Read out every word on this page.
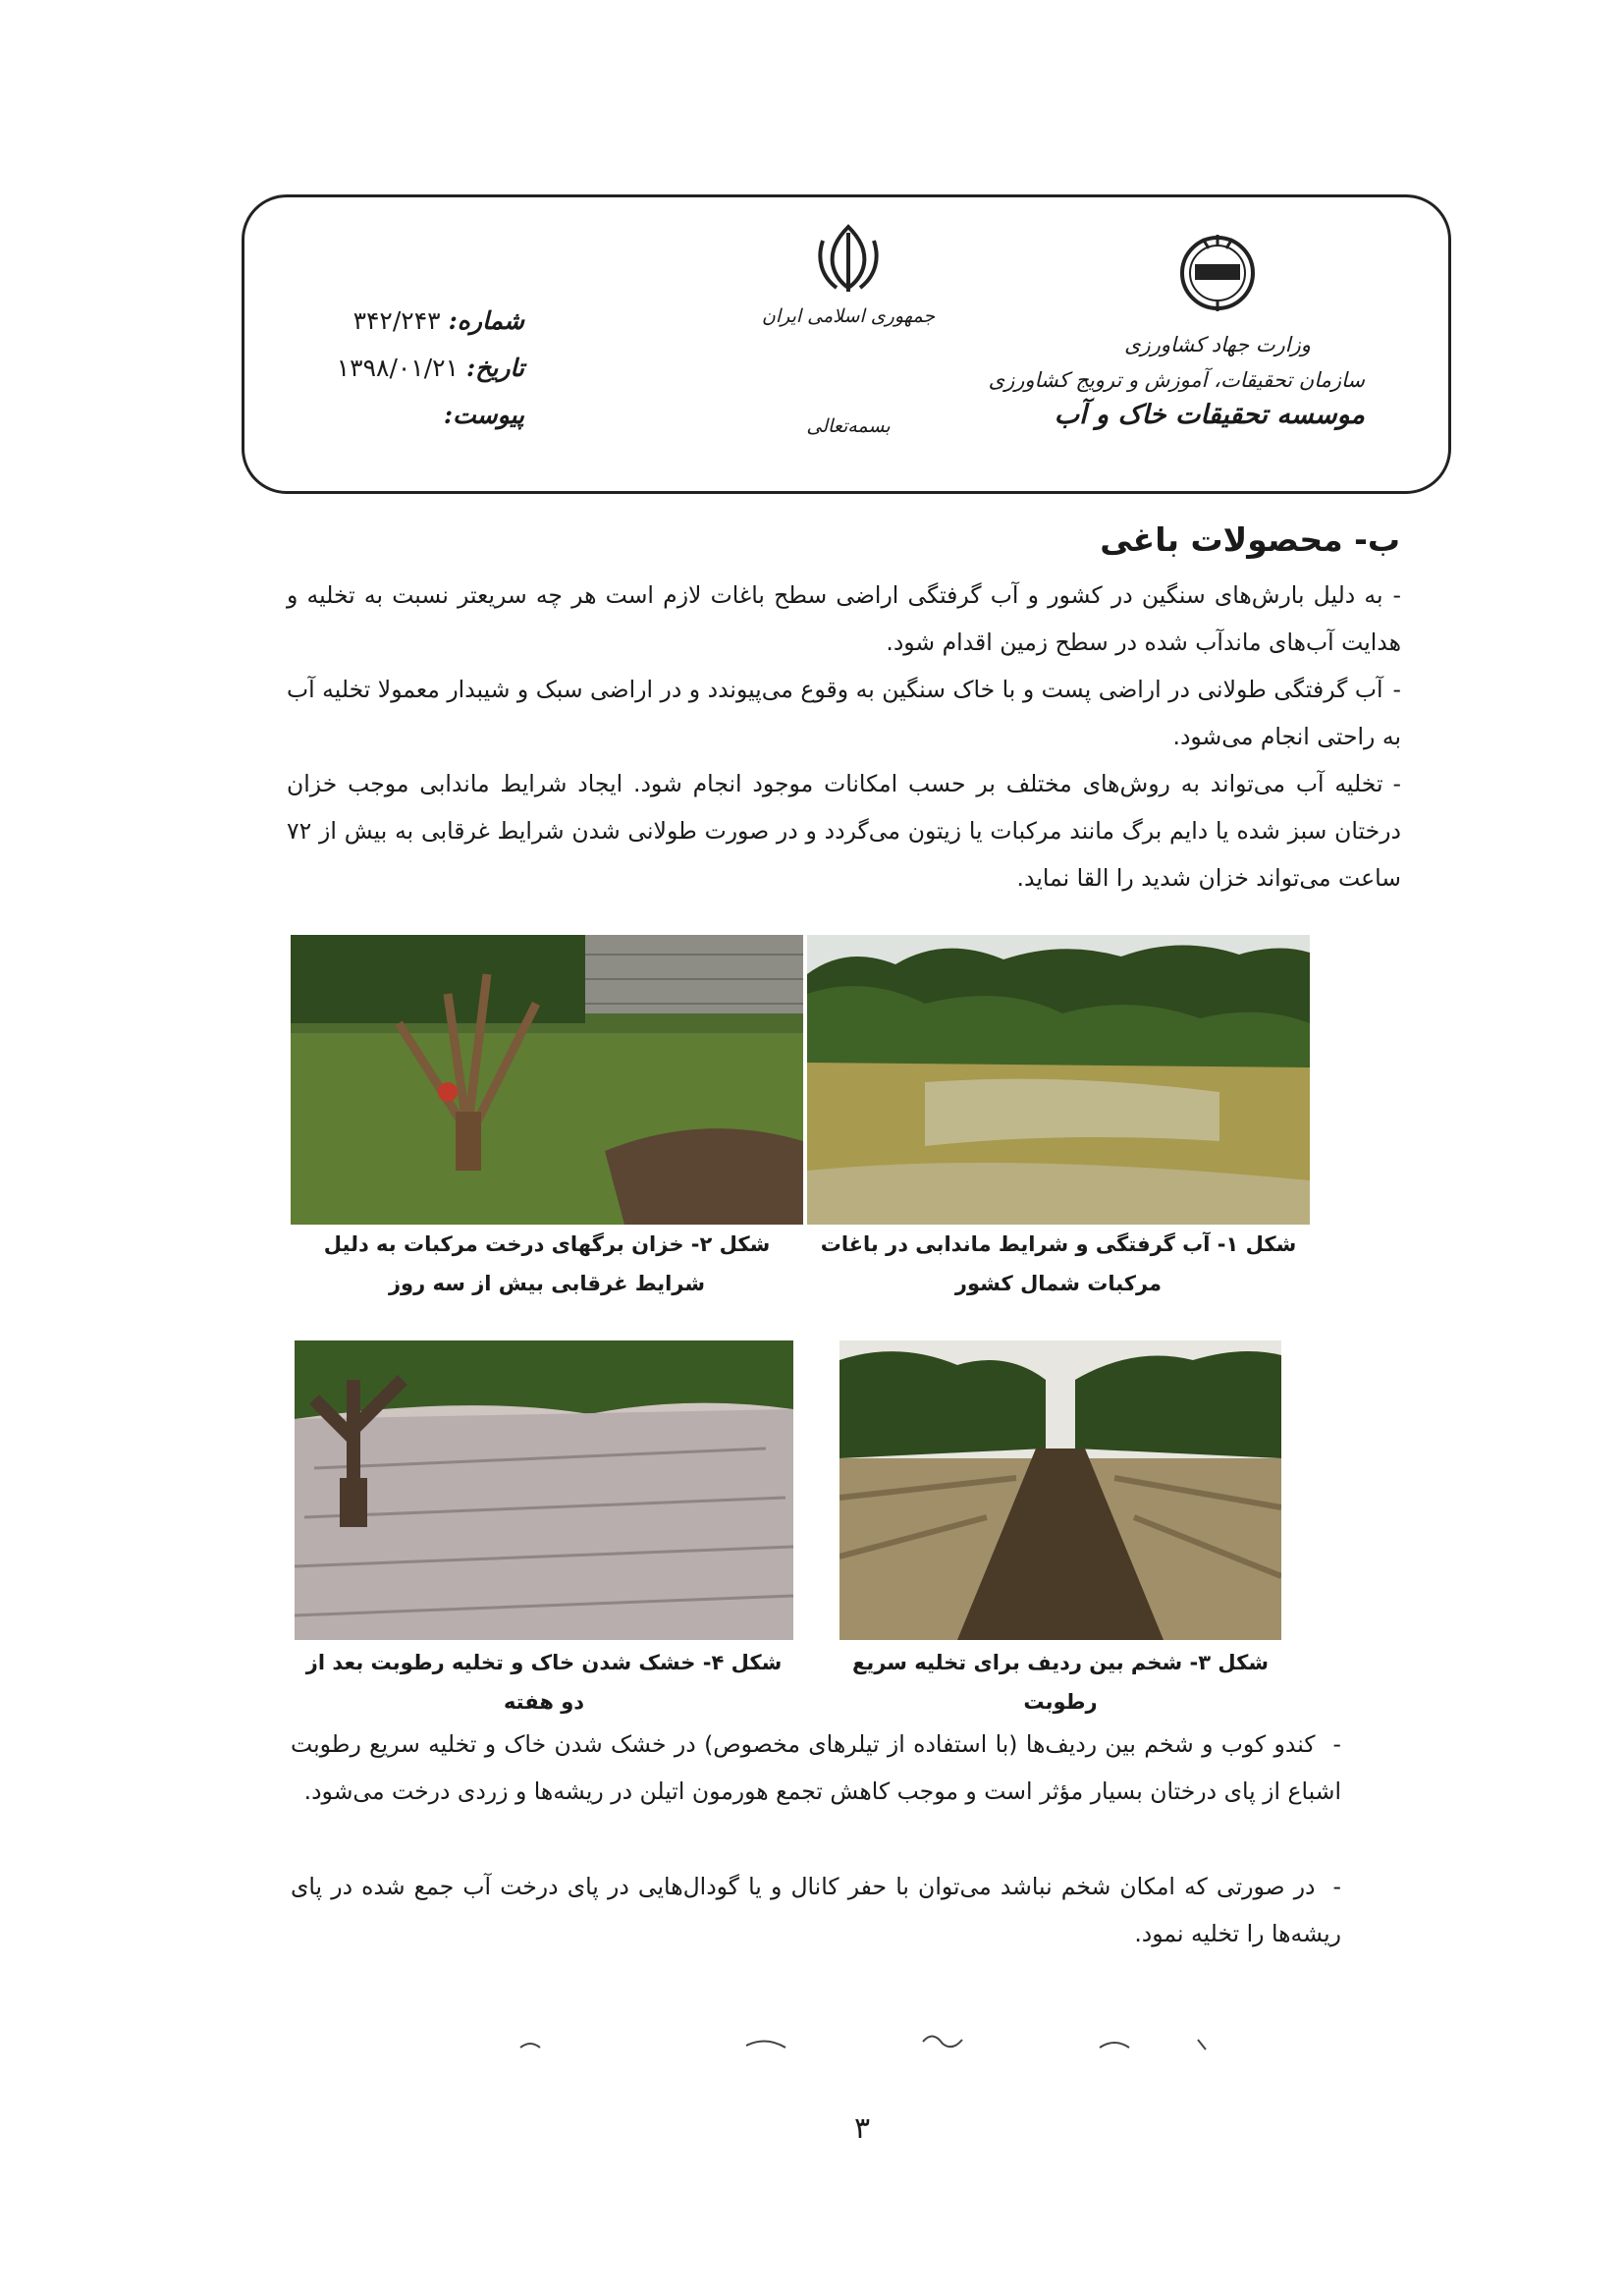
وزارت جهاد کشاورزی
سازمان تحقیقات، آموزش و ترویج کشاورزی
موسسه تحقیقات خاک و آب
جمهوری اسلامی ایران
بسمه‌تعالی
شماره:
۳۴۲/۲۴۳
تاریخ:
۱۳۹۸/۰۱/۲۱
پیوست:
ب- محصولات باغی
-به دلیل بارش‌های سنگین در کشور و آب گرفتگی اراضی سطح باغات لازم است هر چه سریعتر نسبت به تخلیه و هدایت آب‌های ماندآب شده در سطح زمین اقدام شود.
-آب گرفتگی طولانی در اراضی پست و با خاک سنگین به وقوع می‌پیوندد و در اراضی سبک و شیبدار معمولا تخلیه آب به راحتی انجام می‌شود.
-تخلیه آب می‌تواند به روش‌های مختلف بر حسب امکانات موجود انجام شود. ایجاد شرایط ماندابی موجب خزان درختان سبز شده یا دایم برگ مانند مرکبات یا زیتون می‌گردد و در صورت طولانی شدن شرایط غرقابی به بیش از ۷۲ ساعت می‌تواند خزان شدید را القا نماید.
شکل ۱- آب گرفتگی و شرایط ماندابی در باغات مرکبات شمال کشور
شکل ۲- خزان برگهای درخت مرکبات به دلیل شرایط غرقابی بیش از سه روز
شکل ۳- شخم بین ردیف برای تخلیه سریع رطوبت
شکل ۴- خشک شدن خاک و تخلیه رطوبت بعد از دو هفته
-کندو کوب و شخم بین ردیف‌ها (با استفاده از تیلرهای مخصوص) در خشک شدن خاک و تخلیه سریع رطوبت اشباع از پای درختان بسیار مؤثر است و موجب کاهش تجمع هورمون اتیلن در ریشه‌ها و زردی درخت می‌شود.
-در صورتی که امکان شخم نباشد می‌توان با حفر کانال و یا گودال‌هایی در پای درخت آب جمع شده در پای ریشه‌ها را تخلیه نمود.
۳
